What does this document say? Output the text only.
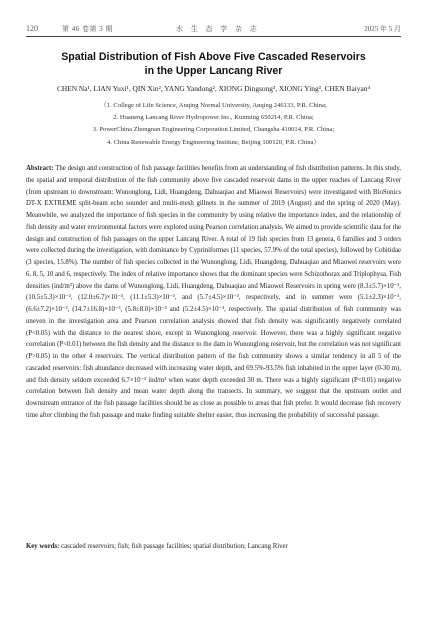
120	第 46 卷第 3 期	水 生 态 学 杂 志	2025 年 5 月
Spatial Distribution of Fish Above Five Cascaded Reservoirs
in the Upper Lancang River
CHEN Na¹, LIAN Yuxi¹, QIN Xin², YANG Yandong², XIONG Dingsong³, XIONG Ying³, CHEN Baiyan⁴
（1. College of Life Science, Anqing Normal University, Anqing 246133, P.R. China;
2. Huaneng Lancang River Hydropower Inc., Kunming 650214, P.R. China;
3. PowerChina Zhongnan Engineering Corporation Limited, Changsha 410014, P.R. China;
4. China Renewable Energy Engineering Institute, Beijing 100120, P.R. China）
Abstract: The design and construction of fish passage facilities benefits from an understanding of fish distribution patterns. In this study, the spatial and temporal distribution of the fish community above five cascaded reservoir dams in the upper reaches of Lancang River (from upstream to downstream: Wunonglong, Lidi, Huangdeng, Dahuaqiao and Miaowei Reservoirs) were investigated with BioSonics DT-X EXTREME split-beam echo sounder and multi-mesh gillnets in the summer of 2019 (August) and the spring of 2020 (May). Meanwhile, we analyzed the importance of fish species in the community by using relative the importance index, and the relationship of fish density and water environmental factors were explored using Pearson correlation analysis. We aimed to provide scientific data for the design and construction of fish passages on the upper Lancang River. A total of 19 fish species from 13 genera, 6 families and 3 orders were collected during the investigation, with dominance by Cypriniformes (11 species, 57.9% of the total species), followed by Cobitidae (3 species, 15.8%). The number of fish species collected in the Wunonglong, Lidi, Huangdeng, Dahuaqiao and Miaowei reservoirs were 6, 8, 5, 10 and 6, respectively. The index of relative importance shows that the dominant species were Schizothorax and Triplophysa. Fish densities (ind/m³) above the dams of Wunonglong, Lidi, Huangdeng, Dahuaqiao and Miaowei Reservoirs in spring were (8.3±5.7)×10⁻³, (10.5±5.3)×10⁻³, (12.0±6.7)×10⁻³, (11.1±5.3)×10⁻³, and (5.7±4.5)×10⁻³, respectively, and in summer were (5.1±2.3)×10⁻³, (6.6±7.2)×10⁻³, (14.7±16.8)×10⁻³, (5.8±8.0)×10⁻³ and (5.2±4.5)×10⁻³, respectively. The spatial distribution of fish community was uneven in the investigation area and Pearson correlation analysis showed that fish density was significantly negatively correlated (P<0.05) with the distance to the nearest shore, except in Wunonglong reservoir. However, there was a highly significant negative correlation (P<0.01) between the fish density and the distance to the dam in Wunonglong reservoir, but the correlation was not significant (P>0.05) in the other 4 reservoirs. The vertical distribution pattern of the fish community shows a similar tendency in all 5 of the cascaded reservoirs: fish abundance decreased with increasing water depth, and 69.5%-93.5% fish inhabited in the upper layer (0-30 m), and fish density seldom exceeded 6.7×10⁻³ ind/m³ when water depth exceeded 30 m. There was a highly significant (P<0.01) negative correlation between fish density and mean water depth along the transects. In summary, we suggest that the upstream outlet and downstream entrance of the fish passage facilities should be as close as possible to areas that fish prefer. It would decrease fish recovery time after climbing the fish passage and make finding suitable shelter easier, thus increasing the probability of successful passage.
Key words: cascaded reservoirs; fish; fish passage facilities; spatial distribution; Lancang River
